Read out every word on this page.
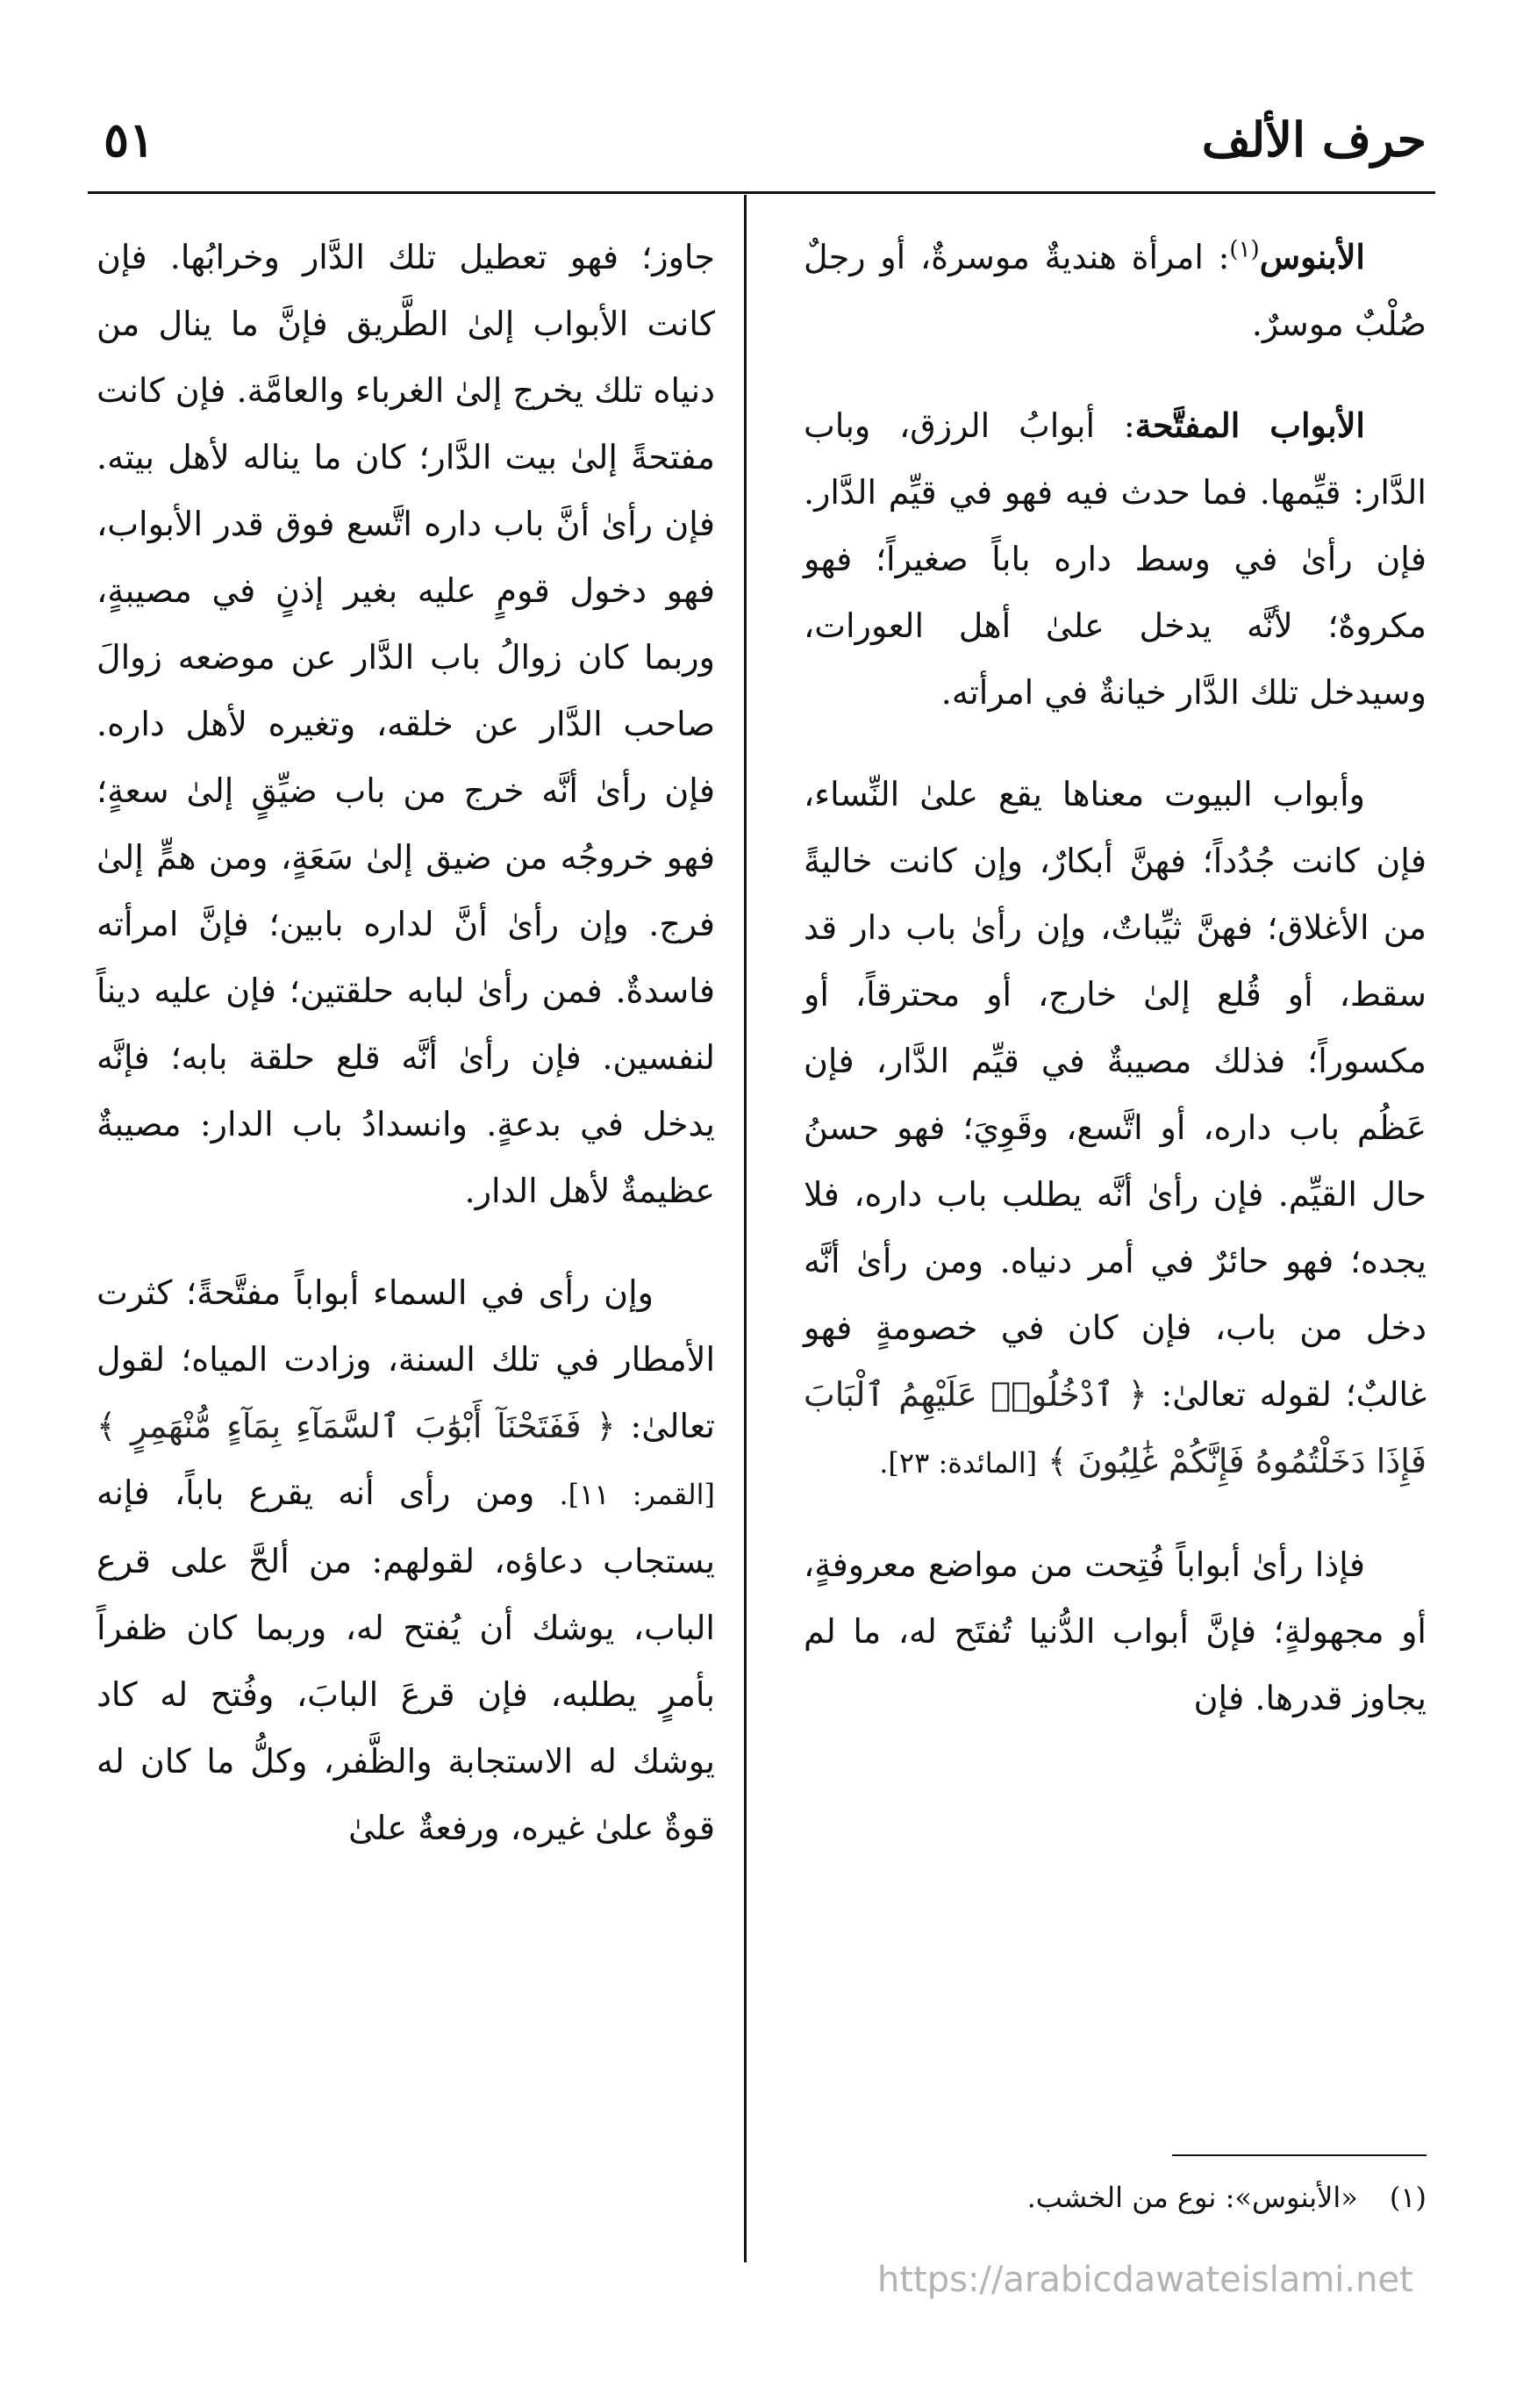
حرف الألف
٥١

الأبنوس$^{(١)}$: امرأة هنديةٌ موسرةٌ، أو رجلٌ صُلْبٌ موسرٌ.

الأبواب المفتَّحة: أبوابُ الرزق، وباب الدَّار: قيِّمها. فما حدث فيه فهو في قيِّم الدَّار. فإن رأىٰ في وسط داره باباً صغيراً؛ فهو مكروهٌ؛ لأنَّه يدخل علىٰ أهل العورات، وسيدخل تلك الدَّار خيانةٌ في امرأته.

وأبواب البيوت معناها يقع علىٰ النِّساء، فإن كانت جُدُداً؛ فهنَّ أبكارٌ، وإن كانت خاليةً من الأغلاق؛ فهنَّ ثيِّباتٌ، وإن رأىٰ باب دار قد سقط، أو قُلع إلىٰ خارج، أو محترقاً، أو مكسوراً؛ فذلك مصيبةٌ في قيِّم الدَّار، فإن عَظُم باب داره، أو اتَّسع، وقَوِيَ؛ فهو حسنُ حال القيِّم. فإن رأىٰ أنَّه يطلب باب داره، فلا يجده؛ فهو حائرٌ في أمر دنياه. ومن رأىٰ أنَّه دخل من باب، فإن كان في خصومةٍ فهو غالبٌ؛ لقوله تعالىٰ: ﴿ ٱدْخُلُوا۟ عَلَيْهِمُ ٱلْبَابَ فَإِذَا دَخَلْتُمُوهُ فَإِنَّكُمْ غَٰلِبُونَ ﴾ [المائدة: ٢٣].

فإذا رأىٰ أبواباً فُتِحت من مواضع معروفةٍ، أو مجهولةٍ؛ فإنَّ أبواب الدُّنيا تُفتَح له، ما لم يجاوز قدرها. فإن

جاوز؛ فهو تعطيل تلك الدَّار وخرابُها. فإن كانت الأبواب إلىٰ الطَّريق فإنَّ ما ينال من دنياه تلك يخرج إلىٰ الغرباء والعامَّة. فإن كانت مفتحةً إلىٰ بيت الدَّار؛ كان ما يناله لأهل بيته. فإن رأىٰ أنَّ باب داره اتَّسع فوق قدر الأبواب، فهو دخول قومٍ عليه بغير إذنٍ في مصيبةٍ، وربما كان زوالُ باب الدَّار عن موضعه زوالَ صاحب الدَّار عن خلقه، وتغيره لأهل داره. فإن رأىٰ أنَّه خرج من باب ضيِّقٍ إلىٰ سعةٍ؛ فهو خروجُه من ضيق إلىٰ سَعَةٍ، ومن همٍّ إلىٰ فرج. وإن رأىٰ أنَّ لداره بابين؛ فإنَّ امرأته فاسدةٌ. فمن رأىٰ لبابه حلقتين؛ فإن عليه ديناً لنفسين. فإن رأىٰ أنَّه قلع حلقة بابه؛ فإنَّه يدخل في بدعةٍ. وانسدادُ باب الدار: مصيبةٌ عظيمةٌ لأهل الدار.

وإن رأى في السماء أبواباً مفتَّحةً؛ كثرت الأمطار في تلك السنة، وزادت المياه؛ لقول تعالىٰ: ﴿ فَفَتَحْنَآ أَبْوَٰبَ ٱلسَّمَآءِ بِمَآءٍ مُّنْهَمِرٍ ﴾ [القمر: ١١]. ومن رأى أنه يقرع باباً، فإنه يستجاب دعاؤه، لقولهم: من ألحَّ على قرع الباب، يوشك أن يُفتح له، وربما كان ظفراً بأمرٍ يطلبه، فإن قرعَ البابَ، وفُتح له كاد يوشك له الاستجابة والظَّفر، وكلُّ ما كان له قوةٌ علىٰ غيره، ورفعةٌ علىٰ

(١)«الأبنوس»: نوع من الخشب.

https://arabicdawateislami.net
